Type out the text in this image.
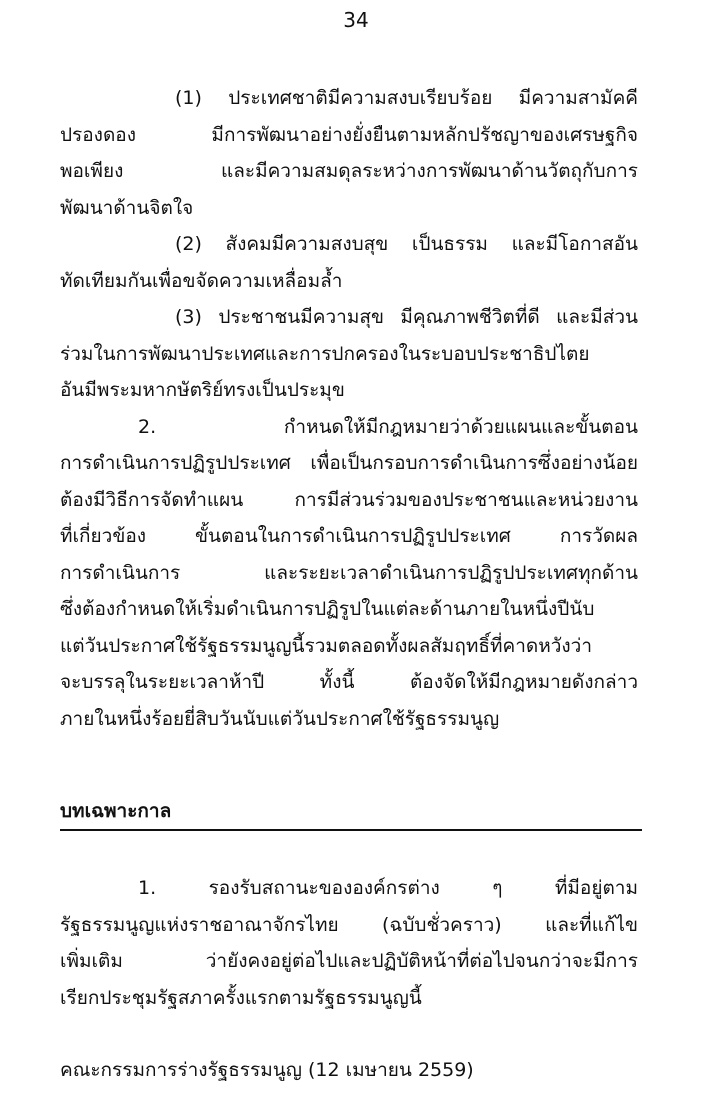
34
(1) ประเทศชาติมีความสงบเรียบร้อย มีความสามัคคี
ปรองดอง มีการพัฒนาอย่างยั่งยืนตามหลักปรัชญาของเศรษฐกิจ
พอเพียง และมีความสมดุลระหว่างการพัฒนาด้านวัตถุกับการ
พัฒนาด้านจิตใจ
(2) สังคมมีความสงบสุข เป็นธรรม และมีโอกาสอัน
ทัดเทียมกันเพื่อขจัดความเหลื่อมล้ำ
(3) ประชาชนมีความสุข มีคุณภาพชีวิตที่ดี และมีส่วน
ร่วมในการพัฒนาประเทศและการปกครองในระบอบประชาธิปไตย
อันมีพระมหากษัตริย์ทรงเป็นประมุข
2. กำหนดให้มีกฎหมายว่าด้วยแผนและขั้นตอน
การดำเนินการปฏิรูปประเทศ เพื่อเป็นกรอบการดำเนินการซึ่งอย่างน้อย
ต้องมีวิธีการจัดทำแผน การมีส่วนร่วมของประชาชนและหน่วยงาน
ที่เกี่ยวข้อง ขั้นตอนในการดำเนินการปฏิรูปประเทศ การวัดผล
การดำเนินการ และระยะเวลาดำเนินการปฏิรูปประเทศทุกด้าน
ซึ่งต้องกำหนดให้เริ่มดำเนินการปฏิรูปในแต่ละด้านภายในหนึ่งปีนับ
แต่วันประกาศใช้รัฐธรรมนูญนี้รวมตลอดทั้งผลสัมฤทธิ์ที่คาดหวังว่า
จะบรรลุในระยะเวลาห้าปี ทั้งนี้ ต้องจัดให้มีกฎหมายดังกล่าว
ภายในหนึ่งร้อยยี่สิบวันนับแต่วันประกาศใช้รัฐธรรมนูญ
บทเฉพาะกาล
1. รองรับสถานะขององค์กรต่าง ๆ ที่มีอยู่ตาม
รัฐธรรมนูญแห่งราชอาณาจักรไทย (ฉบับชั่วคราว) และที่แก้ไข
เพิ่มเติม ว่ายังคงอยู่ต่อไปและปฏิบัติหน้าที่ต่อไปจนกว่าจะมีการ
เรียกประชุมรัฐสภาครั้งแรกตามรัฐธรรมนูญนี้
คณะกรรมการร่างรัฐธรรมนูญ (12 เมษายน 2559)
